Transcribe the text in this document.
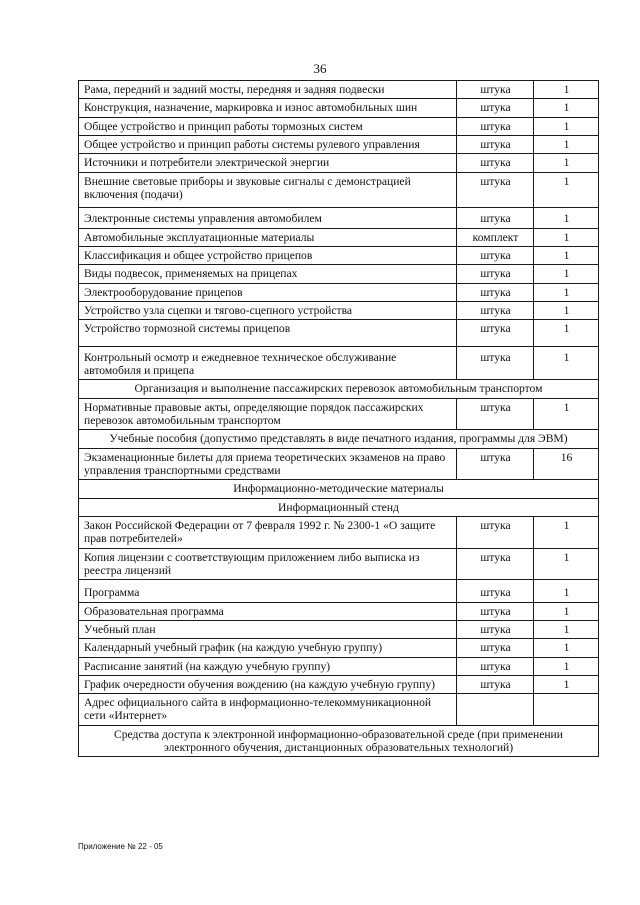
36
Рама, передний и задний мосты, передняя и задняя подвески	штука	1
Конструкция, назначение, маркировка и износ автомобильных шин	штука	1
Общее устройство и принцип работы тормозных систем	штука	1
Общее устройство и принцип работы системы рулевого управления	штука	1
Источники и потребители электрической энергии	штука	1
Внешние световые приборы и звуковые сигналы с демонстрацией включения (подачи)	штука	1
Электронные системы управления автомобилем	штука	1
Автомобильные эксплуатационные материалы	комплект	1
Классификация и общее устройство прицепов	штука	1
Виды подвесок, применяемых на прицепах	штука	1
Электрооборудование прицепов	штука	1
Устройство узла сцепки и тягово-сцепного устройства	штука	1
Устройство тормозной системы прицепов	штука	1
Контрольный осмотр и ежедневное техническое обслуживание автомобиля и прицепа	штука	1
Организация и выполнение пассажирских перевозок автомобильным транспортом		
Нормативные правовые акты, определяющие порядок пассажирских перевозок автомобильным транспортом	штука	1
Учебные пособия (допустимо представлять в виде печатного издания, программы для ЭВМ)		
Экзаменационные билеты для приема теоретических экзаменов на право управления транспортными средствами	штука	16
Информационно-методические материалы		
Информационный стенд		
Закон Российской Федерации от 7 февраля 1992 г. № 2300-1 «О защите прав потребителей»	штука	1
Копия лицензии с соответствующим приложением либо выписка из реестра лицензий	штука	1
Программа	штука	1
Образовательная программа	штука	1
Учебный план	штука	1
Календарный учебный график (на каждую учебную группу)	штука	1
Расписание занятий (на каждую учебную группу)	штука	1
График очередности обучения вождению (на каждую учебную группу)	штука	1
Адрес официального сайта в информационно-телекоммуникационной сети «Интернет»		
Средства доступа к электронной информационно-образовательной среде (при применении электронного обучения, дистанционных образовательных технологий)		
Приложение № 22 - 05
